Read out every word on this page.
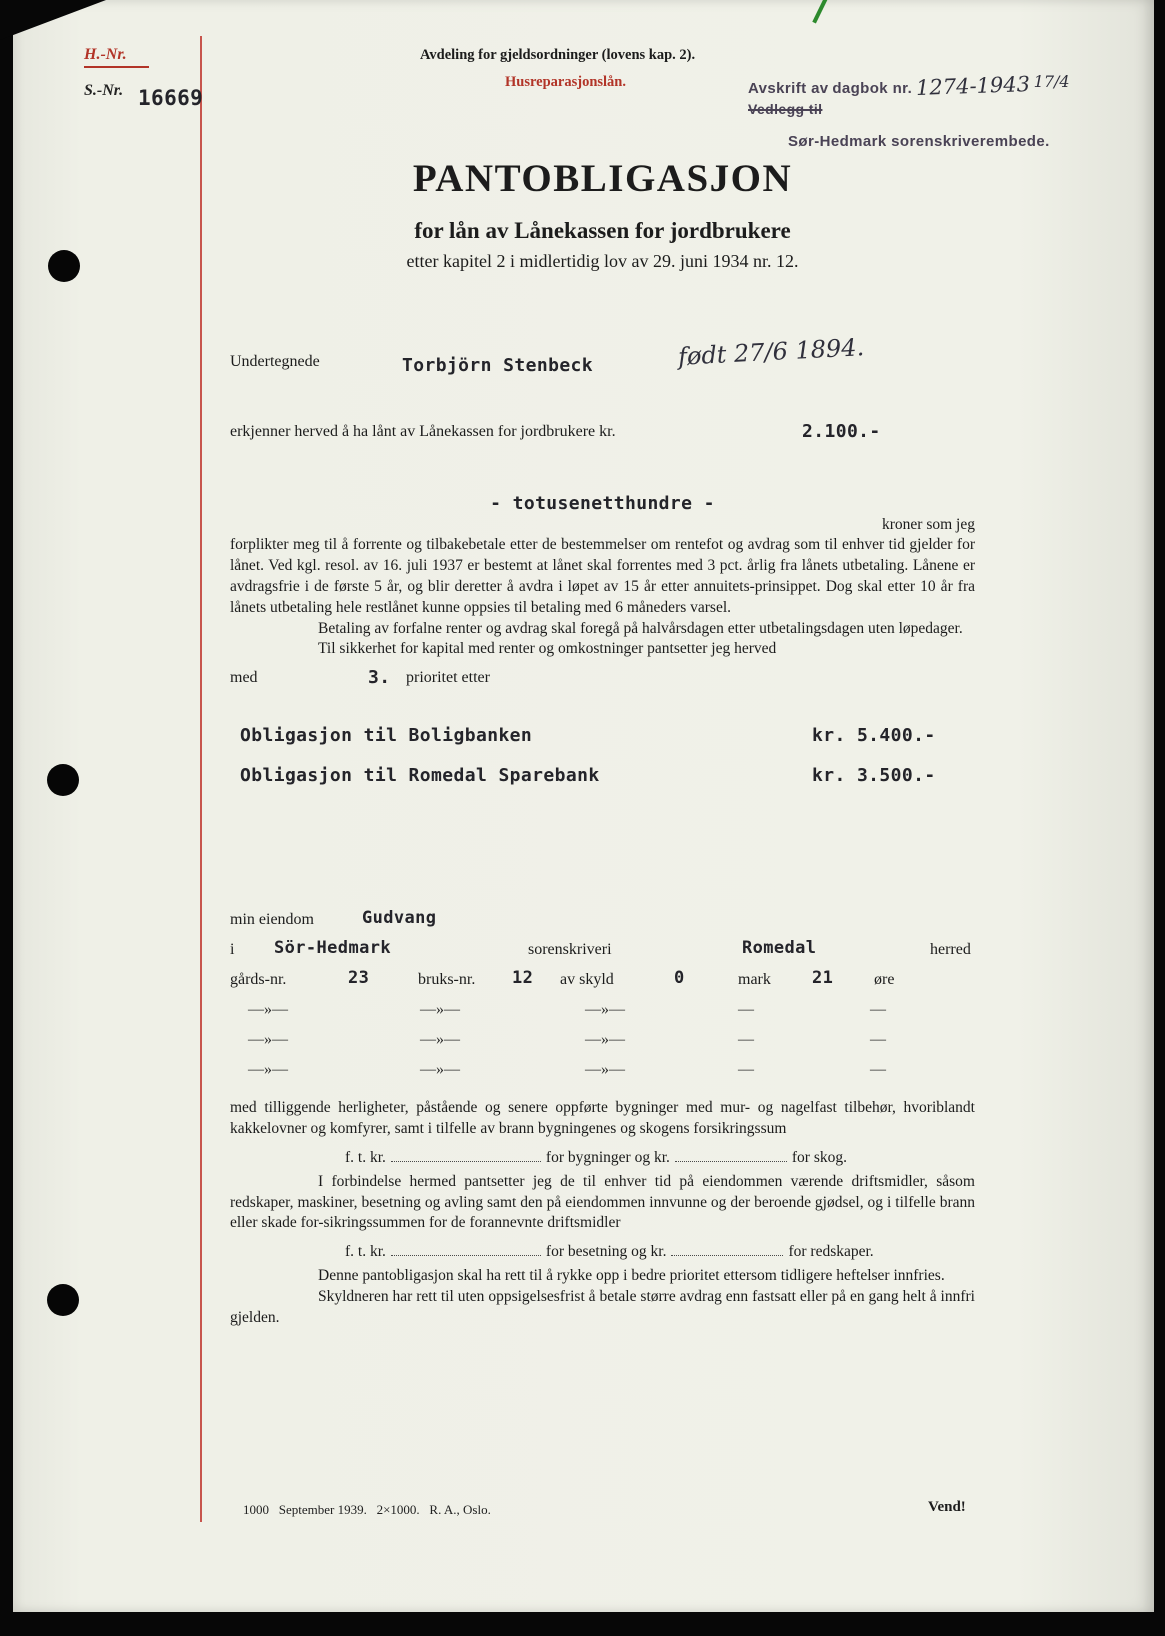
H.-Nr.
S.-Nr. 16669
Avdeling for gjeldsordninger (lovens kap. 2).
Husreparasjonslån.	Avskrift av dagbok nr. 1274-1943 17/4
Vedlegg til
Sør-Hedmark sorenskriverembede.
PANTOBLIGASJON
for lån av Lånekassen for jordbrukere
etter kapitel 2 i midlertidig lov av 29. juni 1934 nr. 12.
Undertegnede	Torbjörn Stenbeck	født 27/6 1894.
erkjenner herved å ha lånt av Lånekassen for jordbrukere kr.	2.100.-
- totusenetthundre -
kroner som jeg
forplikter meg til å forrente og tilbakebetale etter de bestemmelser om rentefot og avdrag som til enhver tid gjelder for lånet. Ved kgl. resol. av 16. juli 1937 er bestemt at lånet skal forrentes med 3 pct. årlig fra lånets utbetaling. Lånene er avdragsfrie i de første 5 år, og blir deretter å avdra i løpet av 15 år etter annuitets-prinsippet. Dog skal etter 10 år fra lånets utbetaling hele restlånet kunne oppsies til betaling med 6 måneders varsel.
Betaling av forfalne renter og avdrag skal foregå på halvårsdagen etter utbetalingsdagen uten løpedager.
Til sikkerhet for kapital med renter og omkostninger pantsetter jeg herved
med	3. prioritet etter
Obligasjon til Boligbanken	kr. 5.400.-
Obligasjon til Romedal Sparebank	kr. 3.500.-
min eiendom	Gudvang
i Sör-Hedmark	sorenskriveri	Romedal	herred
gårds-nr.	23	bruks-nr. 12 av skyld	0	mark 21	øre
—»—	—»—	—»—	—	—
—»—	—»—	—»—	—	—
—»—	—»—	—»—	—	—
med tilliggende herligheter, påstående og senere oppførte bygninger med mur- og nagelfast tilbehør, hvoriblandt kakkelovner og komfyrer, samt i tilfelle av brann bygningenes og skogens forsikringssum
f. t. kr.	for bygninger og kr.	for skog.
I forbindelse hermed pantsetter jeg de til enhver tid på eiendommen værende driftsmidler, såsom redskaper, maskiner, besetning og avling samt den på eiendommen innvunne og der beroende gjødsel, og i tilfelle brann eller skade for-sikringssummen for de forannevnte driftsmidler
f. t. kr.	for besetning og kr.	for redskaper.
Denne pantobligasjon skal ha rett til å rykke opp i bedre prioritet ettersom tidligere heftelser innfries.
Skyldneren har rett til uten oppsigelsesfrist å betale større avdrag enn fastsatt eller på en gang helt å innfri gjelden.
1000   September 1939.   2×1000.   R. A., Oslo.	Vend!
